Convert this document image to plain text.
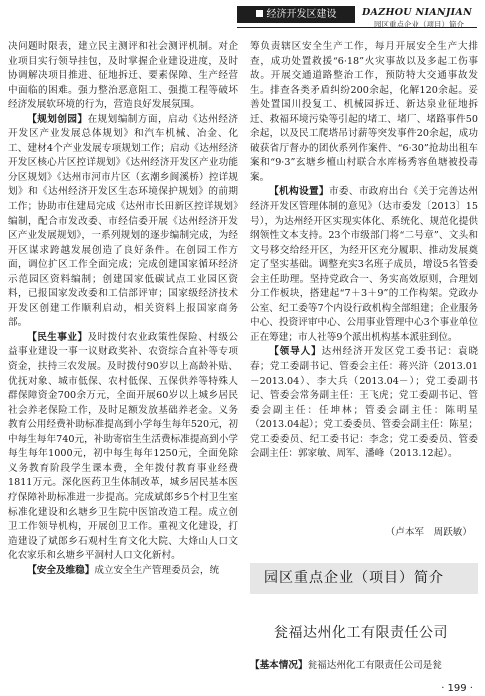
经济开发区建设	DAZHOU NIANJIAN
园区重点企业（项目）简介

决问题时限表，建立民主测评和社会测评机制。对企业项目实行领导挂包，及时掌握企业建设进度，及时协调解决项目推进、征地拆迁、要素保障、生产经营中面临的困难。强力整治恶意阻工、强揽工程等破坏经济发展软环境的行为，营造良好发展氛围。

【规划创园】在规划编制方面，启动《达州经济开发区产业发展总体规划》和汽车机械、冶金、化工、建材4个产业发展专项规划工作；启动《达州经济开发区核心片区控详规划》《达州经济开发区产业功能分区规划》《达州市河市片区（玄潮乡阆溪桥）控详规划》和《达州经济开发区生态环境保护规划》的前期工作；协助市住建局完成《达州市长田新区控详规划》编制，配合市发改委、市经信委开展《达州经济开发区产业发展规划》，一系列规划的逐步编制完成，为经开区谋求跨越发展创造了良好条件。在创园工作方面，调位扩区工作全面完成；完成创建国家循环经济示范园区资料编制；创建国家低碳试点工业园区资料，已报国家发改委和工信部评审；国家级经济技术开发区创建工作顺利启动，相关资料上报国家商务部。

【民生事业】及时拨付农业政策性保险、村级公益事业建设一事一议财政奖补、农资综合直补等专项资金，扶持三农发展。及时拨付90岁以上高龄补贴、优抚对象、城市低保、农村低保、五保供养等特殊人群保障资金700余万元，全面开展60岁以上城乡居民社会养老保险工作，及时足额发放基础养老金。义务教育公用经费补助标准提高到小学每生每年520元，初中每生每年740元，补助寄宿生生活费标准提高到小学每生每年1000元，初中每生每年1250元，全面免除义务教育阶段学生课本费，全年拨付教育事业经费1811万元。深化医药卫生体制改革，城乡居民基本医疗保障补助标准进一步提高。完成斌郎乡5个村卫生室标准化建设和幺塘乡卫生院中医馆改造工程。成立创卫工作领导机构，开展创卫工作。重视文化建设，打造建设了斌郎乡石观村生育文化大院、大烽山人口文化农家乐和幺塘乡平洞村人口文化新村。

【安全及维稳】成立安全生产管理委员会，统

筹负责辖区安全生产工作，每月开展安全生产大排查，成功处置救援“6·18”火灾事故以及多起工伤事故。开展交通道路整治工作，预防特大交通事故发生。排查各类矛盾纠纷200余起，化解120余起。妥善处置国川投复工、机械园拆迁、新达泉业征地拆迁、救福环境污染等引起的堵工、堵厂、堵路事件50余起，以及民工爬塔吊讨薪等突发事件20余起，成功破获省厅督办的团伙系列作案件、“6·30”抢劫出租车案和“9·3”玄塘乡檀山村联合水库杨秀容鱼塘被投毒案。

【机构设置】市委、市政府出台《关于完善达州经济开发区管理体制的意见》（达市委发〔2013〕15号），为达州经开区实现实体化、系统化、规范化提供纲领性文本支持。23个市级部门将“二号章”、文头和文号移交给经开区，为经开区充分履职、推动发展奠定了坚实基础。调整充实3名班子成员，增设5名管委会主任助理。坚持党政合一、务实高效原则，合理划分工作板块，搭建起“7＋3＋9”的工作构架。党政办公室、纪工委等7个内设行政机构全部组建；企业服务中心、投资评审中心、公用事业管理中心3个事业单位正在筹建；市人社等9个派出机构基本派驻到位。

【领导人】达州经济开发区党工委书记：袁晓春；党工委副书记、管委会主任：蒋兴浒（2013.01－2013.04）、李大兵（2013.04－）；党工委副书记、管委会常务副主任：王飞虎；党工委副书记、管委会副主任：任坤林；管委会副主任：陈明星（2013.04起）；党工委委员、管委会副主任：陈星；党工委委员、纪工委书记：李念；党工委委员、管委会副主任：郭家敏、周军、潘峰（2013.12起）。

（卢本军　周跃敏）
园区重点企业（项目）简介
瓮福达州化工有限责任公司
【基本情况】瓮福达州化工有限责任公司是瓮
· 199 ·
